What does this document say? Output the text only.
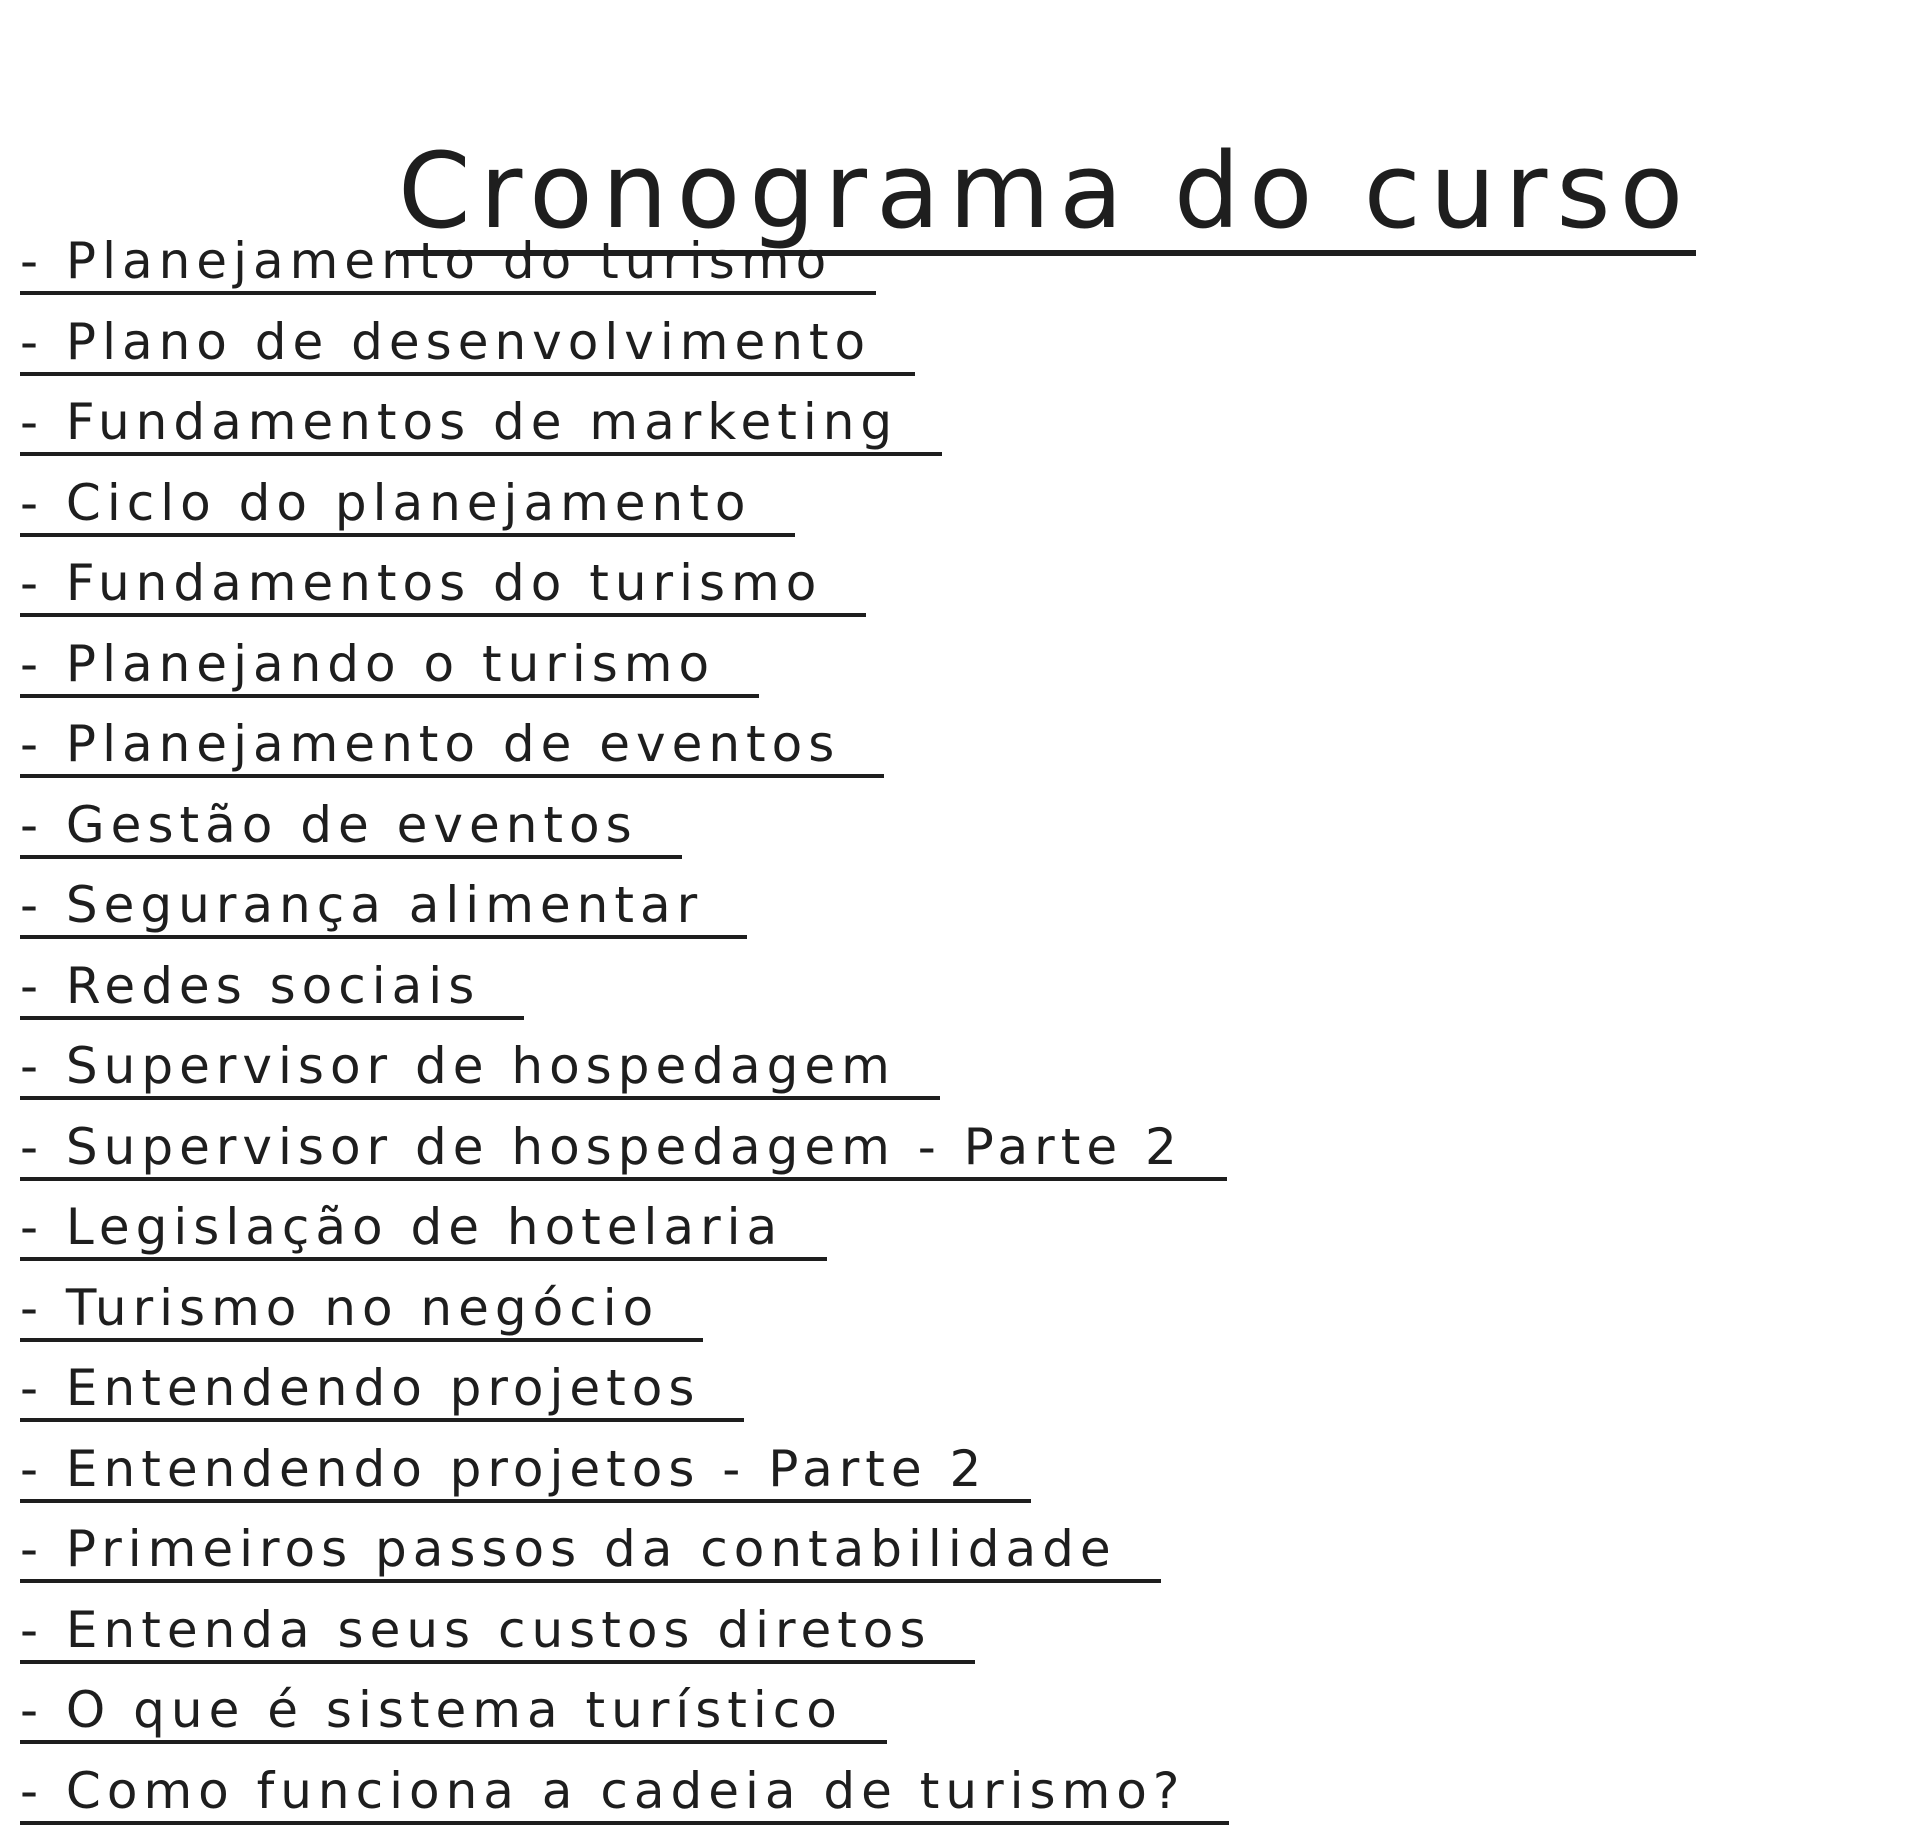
Cronograma do curso
- Planejamento do turismo
- Plano de desenvolvimento
- Fundamentos de marketing
- Ciclo do planejamento
- Fundamentos do turismo
- Planejando o turismo
- Planejamento de eventos
- Gestão de eventos
- Segurança alimentar
- Redes sociais
- Supervisor de hospedagem
- Supervisor de hospedagem - Parte 2
- Legislação de hotelaria
- Turismo no negócio
- Entendendo projetos
- Entendendo projetos - Parte 2
- Primeiros passos da contabilidade
- Entenda seus custos diretos
- O que é sistema turístico
- Como funciona a cadeia de turismo?
